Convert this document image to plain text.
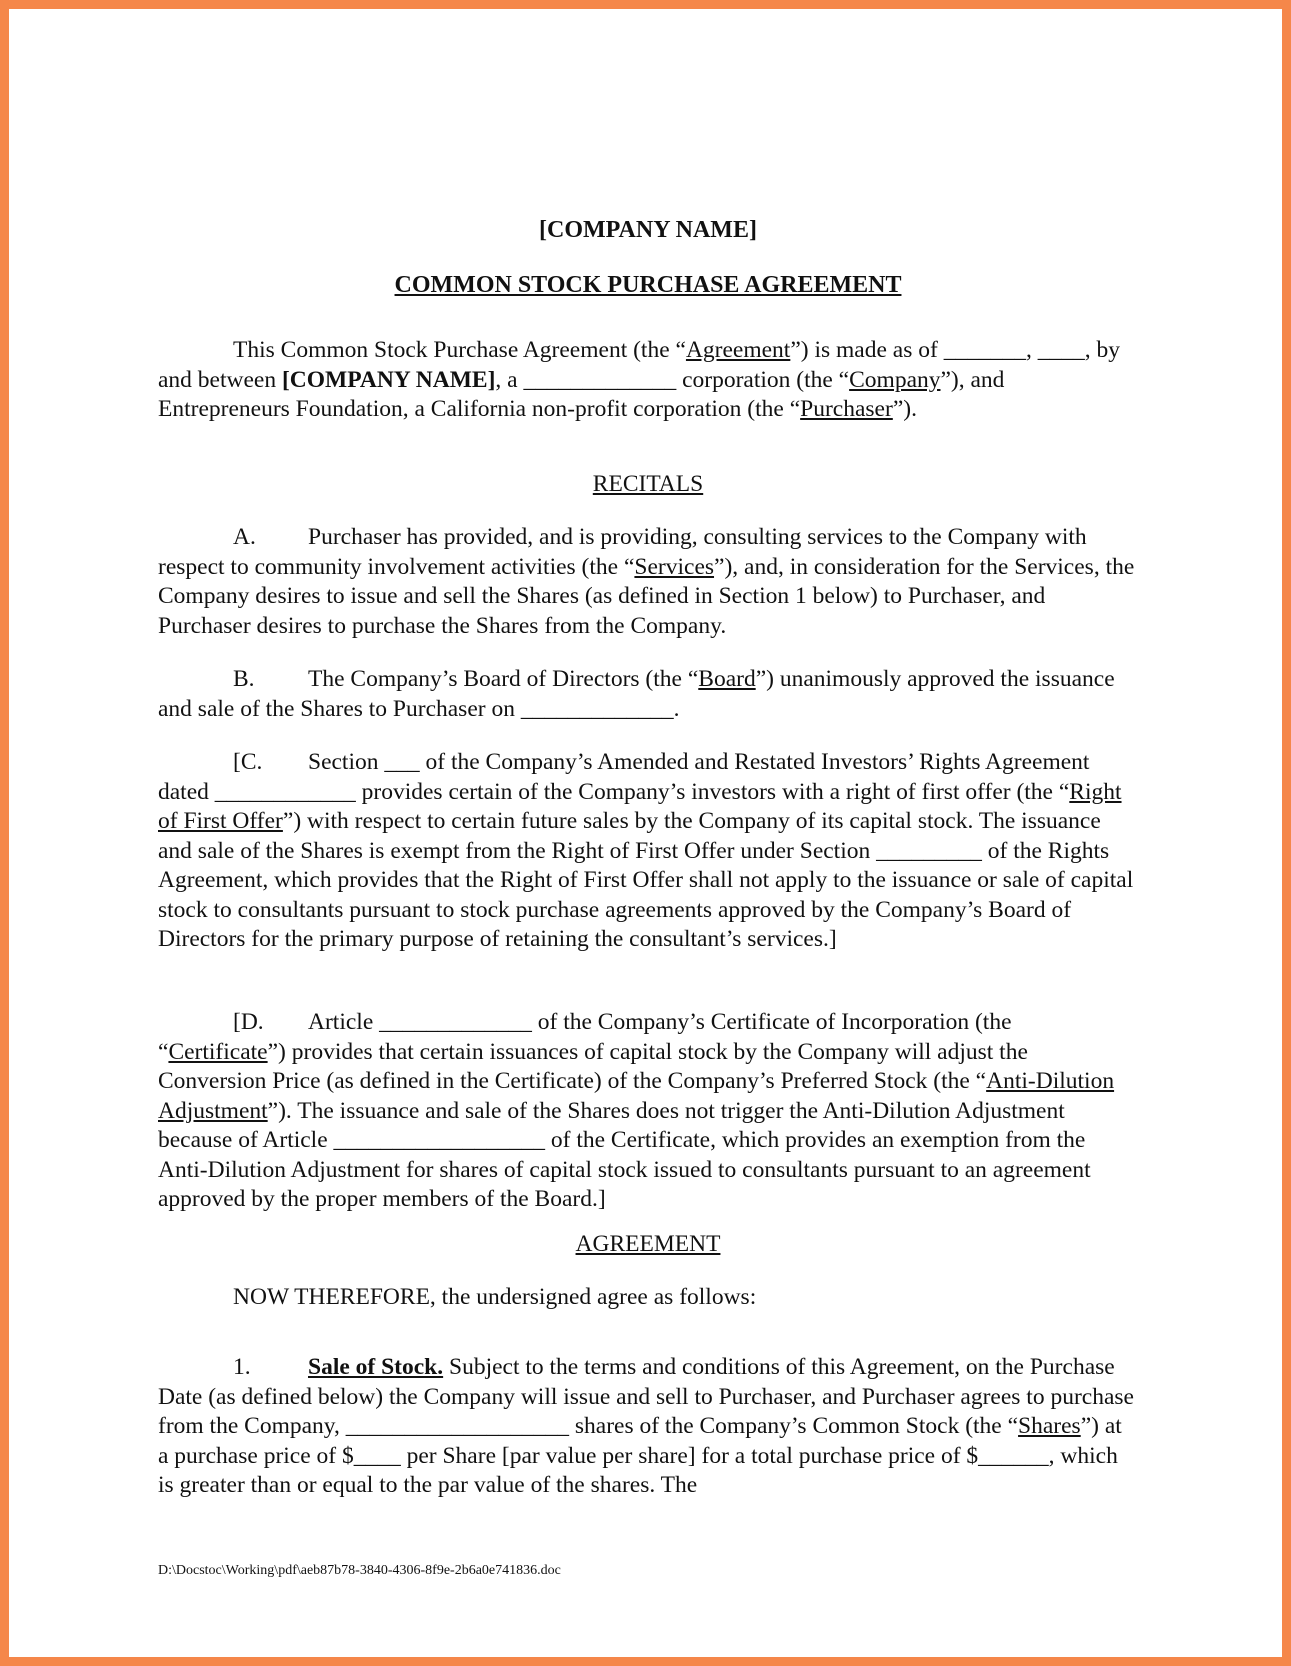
[COMPANY NAME]

COMMON STOCK PURCHASE AGREEMENT

This Common Stock Purchase Agreement (the “Agreement”) is made as of _______, ____, by and between [COMPANY NAME], a _____________ corporation (the “Company”), and Entrepreneurs Foundation, a California non-profit corporation (the “Purchaser”).

RECITALS

A. Purchaser has provided, and is providing, consulting services to the Company with respect to community involvement activities (the “Services”), and, in consideration for the Services, the Company desires to issue and sell the Shares (as defined in Section 1 below) to Purchaser, and Purchaser desires to purchase the Shares from the Company.

B. The Company’s Board of Directors (the “Board”) unanimously approved the issuance and sale of the Shares to Purchaser on _____________.

[C. Section ___ of the Company’s Amended and Restated Investors’ Rights Agreement dated ____________ provides certain of the Company’s investors with a right of first offer (the “Right of First Offer”) with respect to certain future sales by the Company of its capital stock. The issuance and sale of the Shares is exempt from the Right of First Offer under Section _________ of the Rights Agreement, which provides that the Right of First Offer shall not apply to the issuance or sale of capital stock to consultants pursuant to stock purchase agreements approved by the Company’s Board of Directors for the primary purpose of retaining the consultant’s services.]

[D. Article _____________ of the Company’s Certificate of Incorporation (the “Certificate”) provides that certain issuances of capital stock by the Company will adjust the Conversion Price (as defined in the Certificate) of the Company’s Preferred Stock (the “Anti-Dilution Adjustment”). The issuance and sale of the Shares does not trigger the Anti-Dilution Adjustment because of Article __________________ of the Certificate, which provides an exemption from the Anti-Dilution Adjustment for shares of capital stock issued to consultants pursuant to an agreement approved by the proper members of the Board.]

AGREEMENT

NOW THEREFORE, the undersigned agree as follows:

1. Sale of Stock. Subject to the terms and conditions of this Agreement, on the Purchase Date (as defined below) the Company will issue and sell to Purchaser, and Purchaser agrees to purchase from the Company, ___________________ shares of the Company’s Common Stock (the “Shares”) at a purchase price of $____ per Share [par value per share] for a total purchase price of $______, which is greater than or equal to the par value of the shares. The

D:\Docstoc\Working\pdf\aeb87b78-3840-4306-8f9e-2b6a0e741836.doc
